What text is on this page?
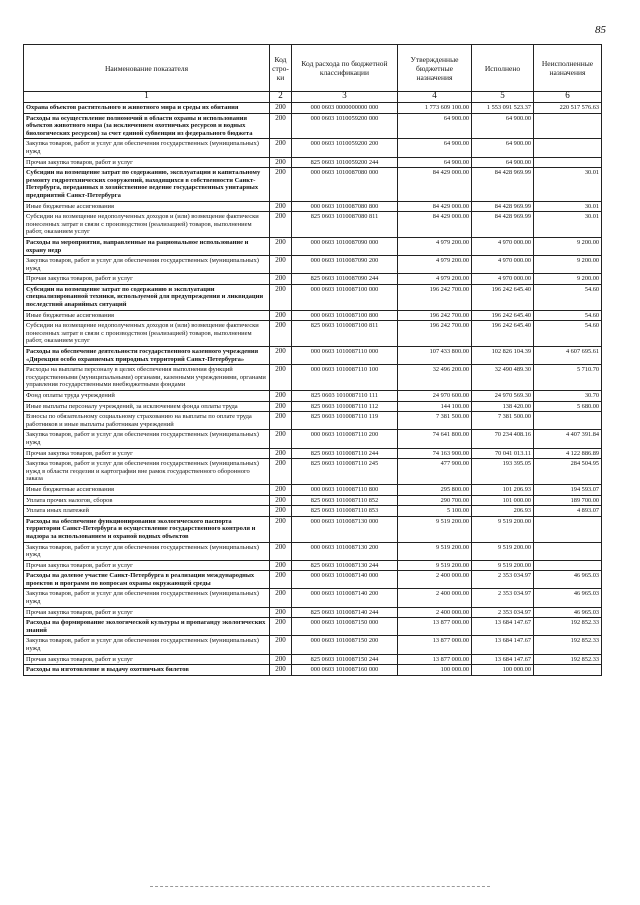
85
Наименование показателя	Код стро-ки	Код расхода по бюджетной классификации	Утвержденные бюджетные назначения	Исполнено	Неисполненные назначения
1	2	3	4	5	6
Охрана объектов растительного и животного мира и среды их обитания	200	000 0603 0000000000 000	1 773 609 100.00	1 553 091 523.37	220 517 576.63
Расходы на осуществление полномочий в области охраны и использования объектов животного мира (за исключением охотничьих ресурсов и водных биологических ресурсов) за счет единой субвенции из федерального бюджета	200	000 0603 1010059200 000	64 900.00	64 900.00	
Закупка товаров, работ и услуг для обеспечения государственных (муниципальных) нужд	200	000 0603 1010059200 200	64 900.00	64 900.00	
Прочая закупка товаров, работ и услуг	200	825 0603 1010059200 244	64 900.00	64 900.00	
Субсидии на возмещение затрат по содержанию, эксплуатации и капитальному ремонту гидротехнических сооружений, находящихся в собственности Санкт-Петербурга, переданных в хозяйственное ведение государственных унитарных предприятий Санкт-Петербурга	200	000 0603 1010087080 000	84 429 000.00	84 428 969.99	30.01
Иные бюджетные ассигнования	200	000 0603 1010087080 800	84 429 000.00	84 428 969.99	30.01
Субсидии на возмещение недополученных доходов и (или) возмещение фактически понесенных затрат в связи с производством (реализацией) товаров, выполнением работ, оказанием услуг	200	825 0603 1010087080 811	84 429 000.00	84 428 969.99	30.01
Расходы на мероприятия, направленные на рациональное использование и охрану недр	200	000 0603 1010087090 000	4 979 200.00	4 970 000.00	9 200.00
Закупка товаров, работ и услуг для обеспечения государственных (муниципальных) нужд	200	000 0603 1010087090 200	4 979 200.00	4 970 000.00	9 200.00
Прочая закупка товаров, работ и услуг	200	825 0603 1010087090 244	4 979 200.00	4 970 000.00	9 200.00
Субсидии на возмещение затрат по содержанию и эксплуатации специализированной техники, используемой для предупреждения и ликвидации последствий аварийных ситуаций	200	000 0603 1010087100 000	196 242 700.00	196 242 645.40	54.60
Иные бюджетные ассигнования	200	000 0603 1010087100 800	196 242 700.00	196 242 645.40	54.60
Субсидии на возмещение недополученных доходов и (или) возмещение фактически понесенных затрат в связи с производством (реализацией) товаров, выполнением работ, оказанием услуг	200	825 0603 1010087100 811	196 242 700.00	196 242 645.40	54.60
Расходы на обеспечение деятельности государственного казенного учреждения «Дирекция особо охраняемых природных территорий Санкт-Петербурга»	200	000 0603 1010087110 000	107 433 800.00	102 826 104.39	4 607 695.61
Расходы на выплаты персоналу в целях обеспечения выполнения функций государственными (муниципальными) органами, казенными учреждениями, органами управления государственными внебюджетными фондами	200	000 0603 1010087110 100	32 496 200.00	32 490 489.30	5 710.70
Фонд оплаты труда учреждений	200	825 0603 1010087110 111	24 970 600.00	24 970 569.30	30.70
Иные выплаты персоналу учреждений, за исключением фонда оплаты труда	200	825 0603 1010087110 112	144 100.00	138 420.00	5 680.00
Взносы по обязательному социальному страхованию на выплаты по оплате труда работников и иные выплаты работникам учреждений	200	825 0603 1010087110 119	7 381 500.00	7 381 500.00	
Закупка товаров, работ и услуг для обеспечения государственных (муниципальных) нужд	200	000 0603 1010087110 200	74 641 800.00	70 234 408.16	4 407 391.84
Прочая закупка товаров, работ и услуг	200	825 0603 1010087110 244	74 163 900.00	70 041 013.11	4 122 886.89
Закупка товаров, работ и услуг для обеспечения государственных (муниципальных) нужд в области геодезии и картографии вне рамок государственного оборонного заказа	200	825 0603 1010087110 245	477 900.00	193 395.05	284 504.95
Иные бюджетные ассигнования	200	000 0603 1010087110 800	295 800.00	101 206.93	194 593.07
Уплата прочих налогов, сборов	200	825 0603 1010087110 852	290 700.00	101 000.00	189 700.00
Уплата иных платежей	200	825 0603 1010087110 853	5 100.00	206.93	4 893.07
Расходы на обеспечение функционирования экологического паспорта территории Санкт-Петербурга и осуществление государственного контроля и надзора за использованием и охраной водных объектов	200	000 0603 1010087130 000	9 519 200.00	9 519 200.00	
Закупка товаров, работ и услуг для обеспечения государственных (муниципальных) нужд	200	000 0603 1010087130 200	9 519 200.00	9 519 200.00	
Прочая закупка товаров, работ и услуг	200	825 0603 1010087130 244	9 519 200.00	9 519 200.00	
Расходы на долевое участие Санкт-Петербурга в реализации международных проектов и программ по вопросам охраны окружающей среды	200	000 0603 1010087140 000	2 400 000.00	2 353 034.97	46 965.03
Закупка товаров, работ и услуг для обеспечения государственных (муниципальных) нужд	200	000 0603 1010087140 200	2 400 000.00	2 353 034.97	46 965.03
Прочая закупка товаров, работ и услуг	200	825 0603 1010087140 244	2 400 000.00	2 353 034.97	46 965.03
Расходы на формирование экологической культуры и пропаганду экологических знаний	200	000 0603 1010087150 000	13 877 000.00	13 684 147.67	192 852.33
Закупка товаров, работ и услуг для обеспечения государственных (муниципальных) нужд	200	000 0603 1010087150 200	13 877 000.00	13 684 147.67	192 852.33
Прочая закупка товаров, работ и услуг	200	825 0603 1010087150 244	13 877 000.00	13 684 147.67	192 852.33
Расходы на изготовление и выдачу охотничьих билетов	200	000 0603 1010087160 000	100 000.00	100 000.00	
